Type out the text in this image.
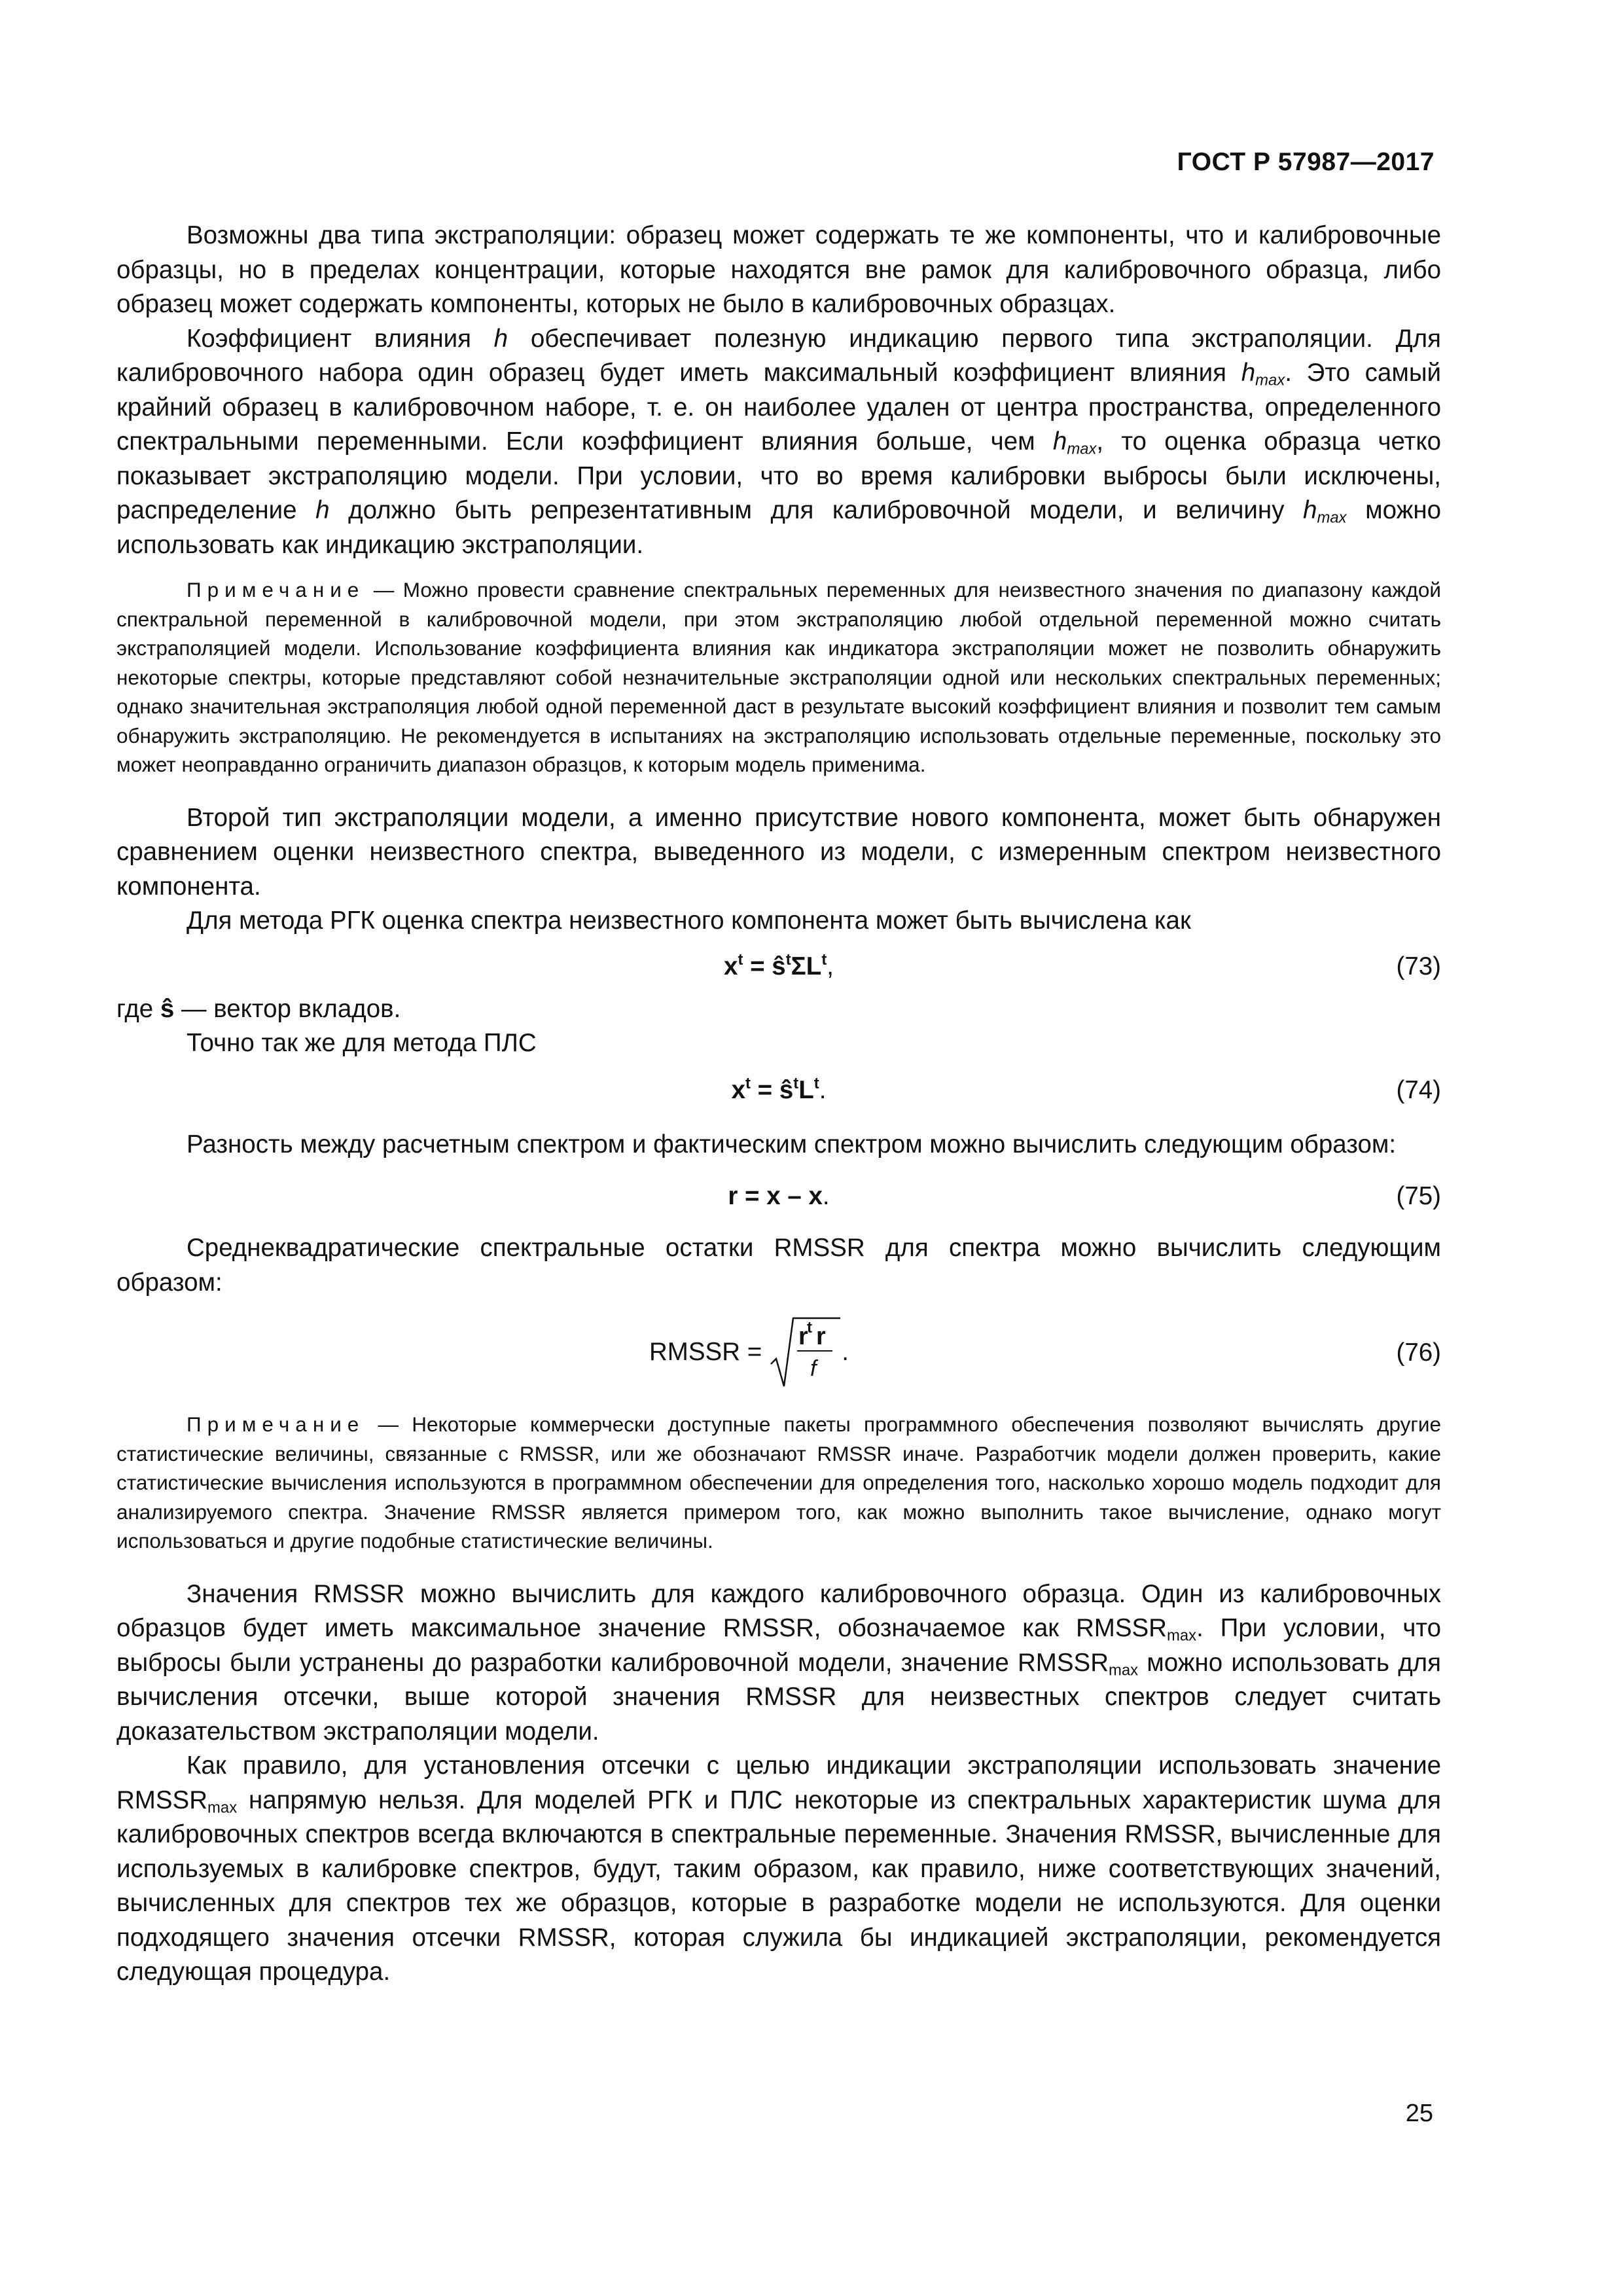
ГОСТ Р 57987—2017

Возможны два типа экстраполяции: образец может содержать те же компоненты, что и калибровочные образцы, но в пределах концентрации, которые находятся вне рамок для калибровочного образца, либо образец может содержать компоненты, которых не было в калибровочных образцах.

Коэффициент влияния h обеспечивает полезную индикацию первого типа экстраполяции. Для калибровочного набора один образец будет иметь максимальный коэффициент влияния $h_{max}$. Это самый крайний образец в калибровочном наборе, т. е. он наиболее удален от центра пространства, определенного спектральными переменными. Если коэффициент влияния больше, чем $h_{max}$, то оценка образца четко показывает экстраполяцию модели. При условии, что во время калибровки выбросы были исключены, распределение h должно быть репрезентативным для калибровочной модели, и величину $h_{max}$ можно использовать как индикацию экстраполяции.

Примечание — Можно провести сравнение спектральных переменных для неизвестного значения по диапазону каждой спектральной переменной в калибровочной модели, при этом экстраполяцию любой отдельной переменной можно считать экстраполяцией модели. Использование коэффициента влияния как индикатора экстраполяции может не позволить обнаружить некоторые спектры, которые представляют собой незначительные экстраполяции одной или нескольких спектральных переменных; однако значительная экстраполяция любой одной переменной даст в результате высокий коэффициент влияния и позволит тем самым обнаружить экстраполяцию. Не рекомендуется в испытаниях на экстраполяцию использовать отдельные переменные, поскольку это может неоправданно ограничить диапазон образцов, к которым модель применима.

Второй тип экстраполяции модели, а именно присутствие нового компонента, может быть обнаружен сравнением оценки неизвестного спектра, выведенного из модели, с измеренным спектром неизвестного компонента.

Для метода РГК оценка спектра неизвестного компонента может быть вычислена как

$x^t$ = $ŝ^t\Sigma L^t$,	(73)

где ŝ — вектор вкладов.

Точно так же для метода ПЛС

$x^t$ = $ŝ^tL^t$.	(74)

Разность между расчетным спектром и фактическим спектром можно вычислить следующим образом:

r = x – x.	(75)

Среднеквадратические спектральные остатки RMSSR для спектра можно вычислить следующим образом:

RMSSR =
r
t r
f
.	(76)

Примечание — Некоторые коммерчески доступные пакеты программного обеспечения позволяют вычислять другие статистические величины, связанные с RMSSR, или же обозначают RMSSR иначе. Разработчик модели должен проверить, какие статистические вычисления используются в программном обеспечении для определения того, насколько хорошо модель подходит для анализируемого спектра. Значение RMSSR является примером того, как можно выполнить такое вычисление, однако могут использоваться и другие подобные статистические величины.

Значения RMSSR можно вычислить для каждого калибровочного образца. Один из калибровочных образцов будет иметь максимальное значение RMSSR, обозначаемое как $RMSSR_{max}$. При условии, что выбросы были устранены до разработки калибровочной модели, значение $RMSSR_{max}$ можно использовать для вычисления отсечки, выше которой значения RMSSR для неизвестных спектров следует считать доказательством экстраполяции модели.

Как правило, для установления отсечки с целью индикации экстраполяции использовать значение $RMSSR_{max}$ напрямую нельзя. Для моделей РГК и ПЛС некоторые из спектральных характеристик шума для калибровочных спектров всегда включаются в спектральные переменные. Значения RMSSR, вычисленные для используемых в калибровке спектров, будут, таким образом, как правило, ниже соответствующих значений, вычисленных для спектров тех же образцов, которые в разработке модели не используются. Для оценки подходящего значения отсечки RMSSR, которая служила бы индикацией экстраполяции, рекомендуется следующая процедура.

25
